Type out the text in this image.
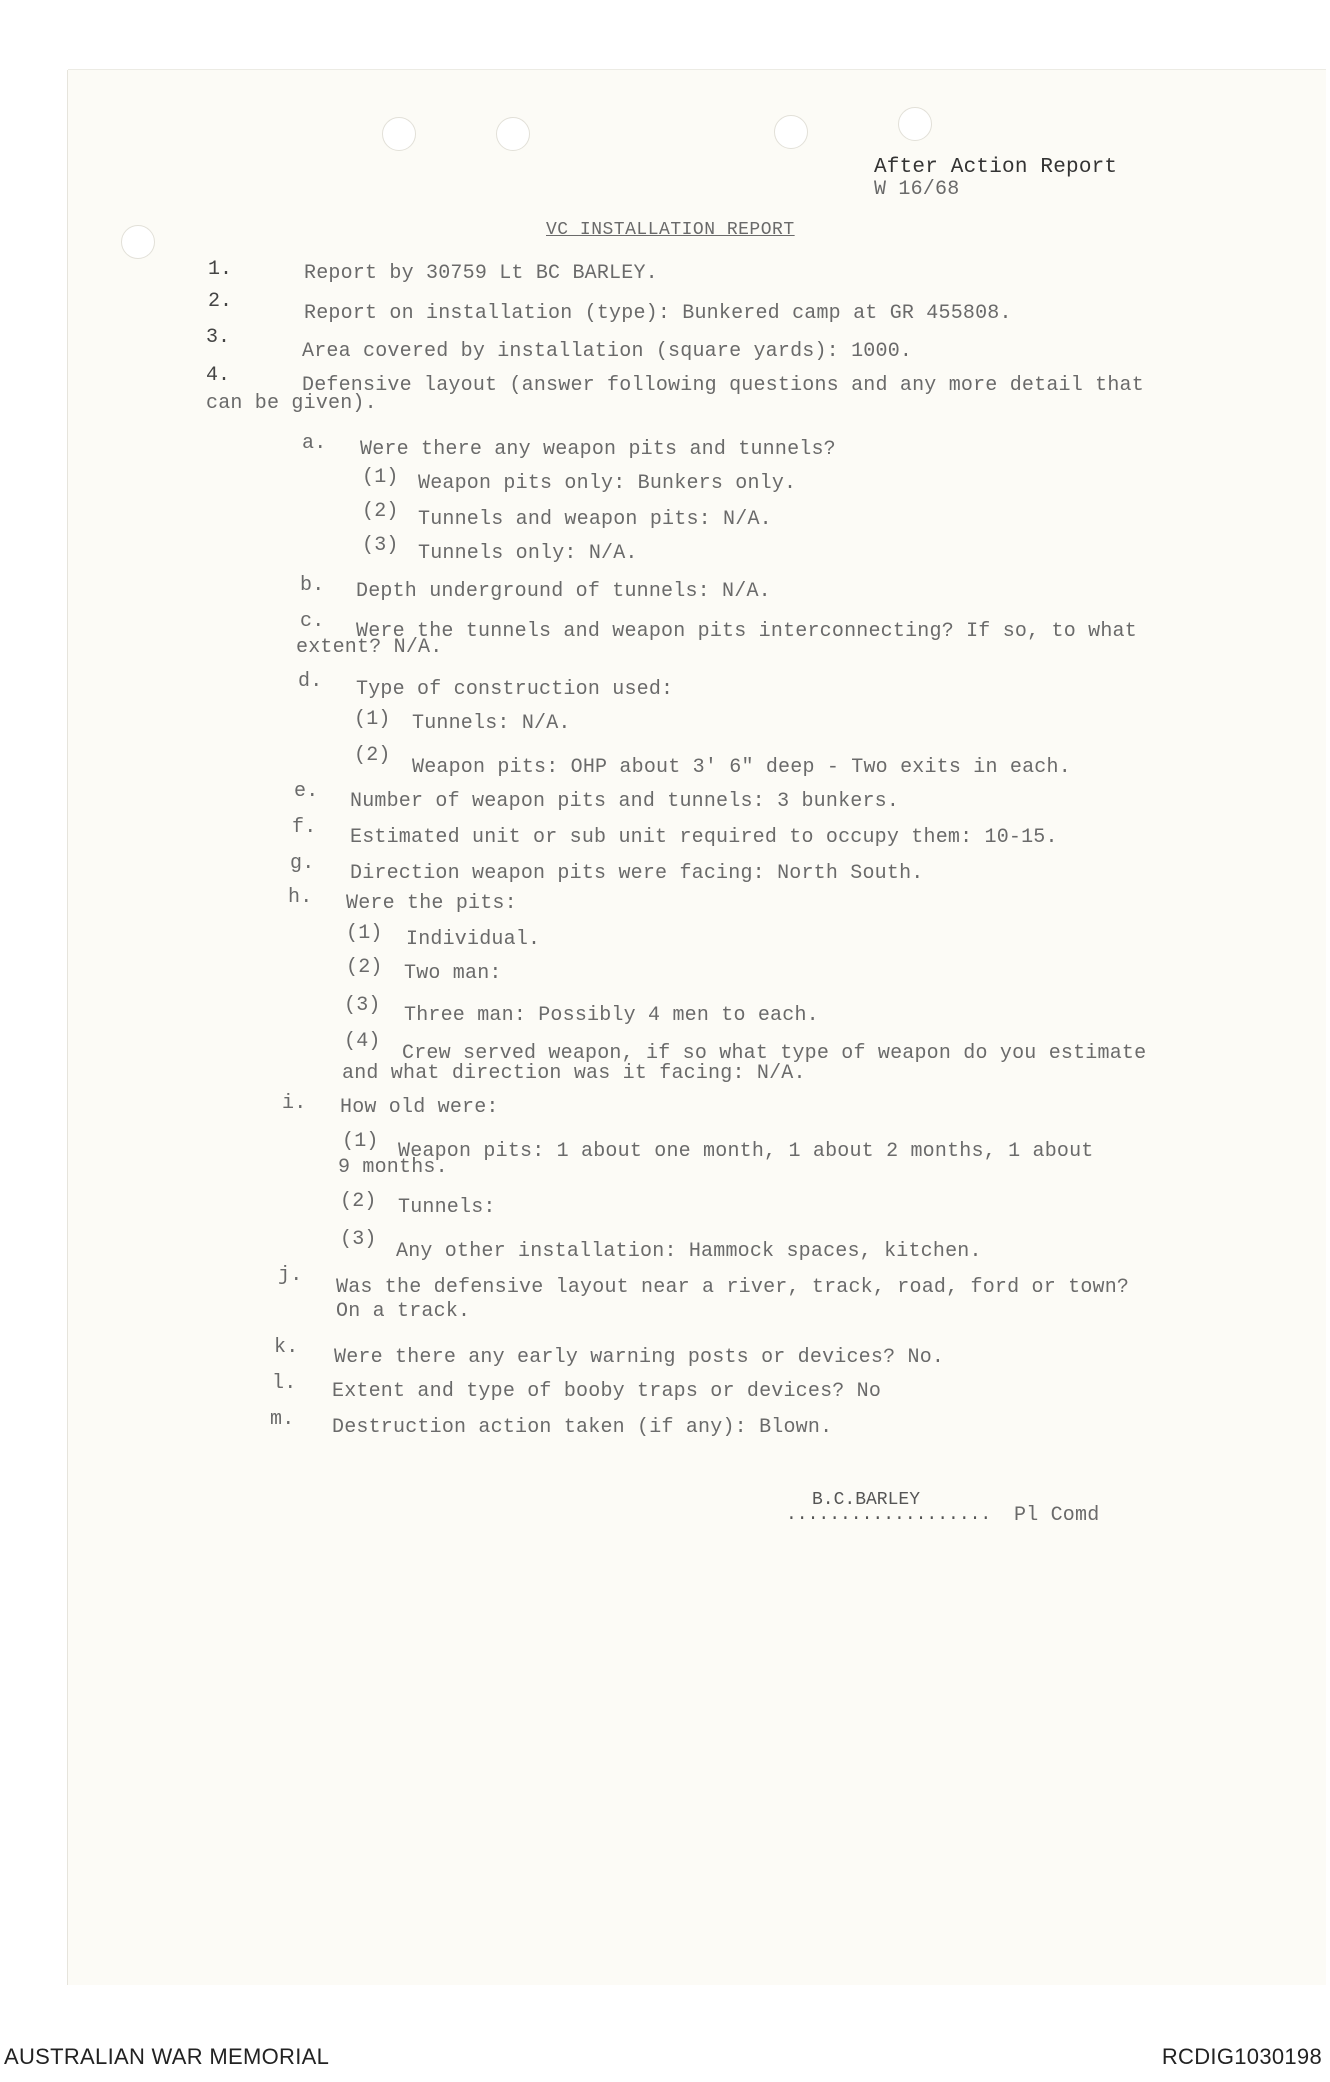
After Action Report
W 16/68
VC INSTALLATION REPORT
1.	Report by 30759 Lt BC BARLEY.
2.
Report on installation (type): Bunkered camp at GR 455808.
3.
Area covered by installation (square yards): 1000.
4.	Defensive layout (answer following questions and any more detail that
can be given).
a. Were there any weapon pits and tunnels?
(1) Weapon pits only: Bunkers only.
(2) Tunnels and weapon pits: N/A.
(3) Tunnels only: N/A.
b. Depth underground of tunnels: N/A.
c. Were the tunnels and weapon pits interconnecting? If so, to what
extent? N/A.
d. Type of construction used:
(1) Tunnels: N/A.
(2)
Weapon pits: OHP about 3' 6" deep - Two exits in each.
e. Number of weapon pits and tunnels: 3 bunkers.
f. Estimated unit or sub unit required to occupy them: 10-15.
g. Direction weapon pits were facing: North South.
h. Were the pits:
(1) Individual.
(2) Two man:
(3) Three man: Possibly 4 men to each.
(4)
Crew served weapon, if so what type of weapon do you estimate
and what direction was it facing: N/A.
i. How old were:
(1) Weapon pits: 1 about one month, 1 about 2 months, 1 about
9 months.
(2) Tunnels:
(3)
Any other installation: Hammock spaces, kitchen.
j.
Was the defensive layout near a river, track, road, ford or town?
On a track.
k. Were there any early warning posts or devices? No.
l. Extent and type of booby traps or devices? No
m. Destruction action taken (if any): Blown.
B.C.BARLEY
................... Pl Comd
AUSTRALIAN WAR MEMORIAL	RCDIG1030198
